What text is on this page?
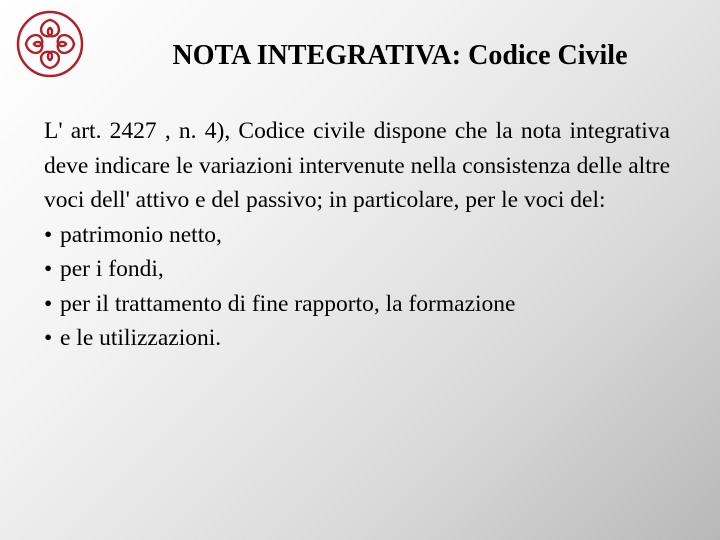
NOTA INTEGRATIVA: Codice Civile

L' art. 2427 , n. 4), Codice civile dispone che la nota integrativa deve indicare le variazioni intervenute nella consistenza delle altre voci dell' attivo e del passivo; in particolare, per le voci del:

• patrimonio netto,
• per i fondi,
• per il trattamento di fine rapporto, la formazione
• e le utilizzazioni.
